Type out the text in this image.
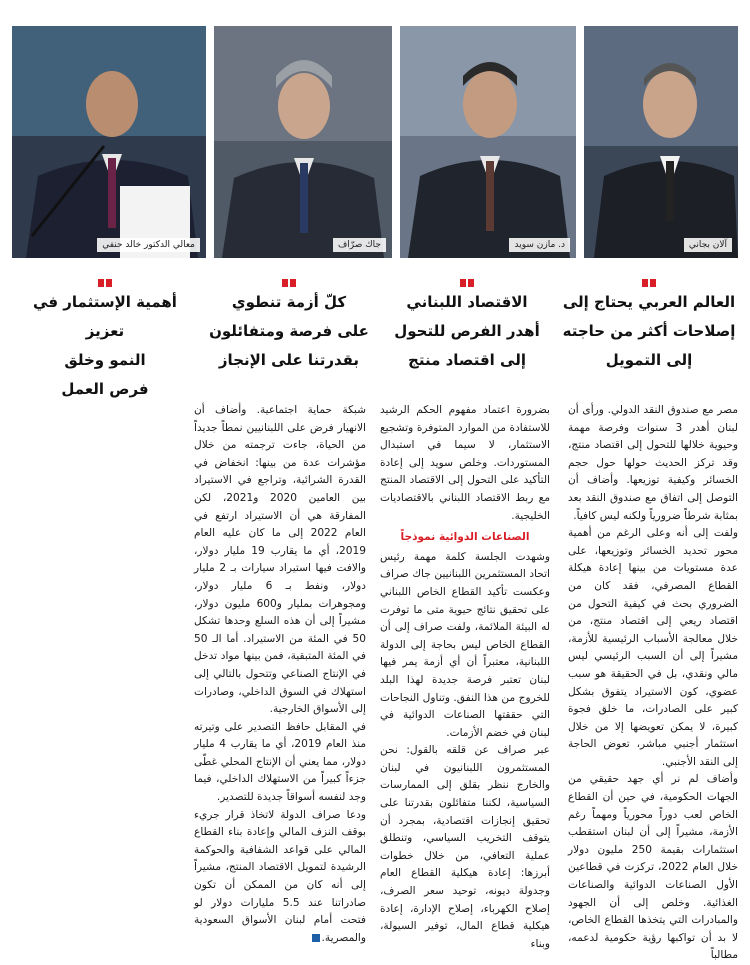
آلان بجاني
د. مازن سويد
جاك صرّاف
معالي الدكتور خالد حنفي
العالم العربي يحتاج إلى
إصلاحات أكثر من حاجته
إلى التمويل
الاقتصاد اللبناني
أهدر الفرص للتحول
إلى اقتصاد منتج
كلّ أزمة تنطوي
على فرصة ومتفائلون
بقدرتنا على الإنجاز
أهمية الإستثمار في تعزيز
النمو وخلق
فرص العمل

مصر مع صندوق النقد الدولي. ورأى أن لبنان أهدر 3 سنوات وفرصة مهمة وحيوية خلالها للتحول إلى اقتصاد منتج، وقد تركز الحديث حولها حول حجم الخسائر وكيفية توزيعها. وأضاف أن التوصل إلى اتفاق مع صندوق النقد بعد بمثابة شرطاً ضرورياً ولكنه ليس كافياً.

ولفت إلى أنه وعلى الرغم من أهمية محور تحديد الخسائر وتوزيعها، على عدة مستويات من بينها إعادة هيكلة القطاع المصرفي، فقد كان من الضروري بحث في كيفية التحول من اقتصاد ريعي إلى اقتصاد منتج، من خلال معالجة الأسباب الرئيسية للأزمة، مشيراً إلى أن السبب الرئيسي ليس مالي ونقدي، بل في الحقيقة هو سبب عضوي، كون الاستيراد يتفوق بشكل كبير على الصادرات، ما خلق فجوة كبيرة، لا يمكن تعويضها إلا من خلال استثمار أجنبي مباشر، تعوض الحاجة إلى النقد الأجنبي.

وأضاف لم نر أي جهد حقيقي من الجهات الحكومية، في حين أن القطاع الخاص لعب دوراً محورياً ومهماً رغم الأزمة، مشيراً إلى أن لبنان استقطب استثمارات بقيمة 250 مليون دولار خلال العام 2022، تركزت في قطاعين الأول الصناعات الدوائية والصناعات الغذائية. وخلص إلى أن الجهود والمبادرات التي يتخذها القطاع الخاص، لا بد أن تواكبها رؤية حكومية لدعمه، مطالباً

بضرورة اعتماد مفهوم الحكم الرشيد للاستفادة من الموارد المتوفرة وتشجيع الاستثمار، لا سيما في استبدال المستوردات. وخلص سويد إلى إعادة التأكيد على التحول إلى الاقتصاد المنتج مع ربط الاقتصاد اللبناني بالاقتصاديات الخليجية.

الصناعات الدوائية نموذجاً

وشهدت الجلسة كلمة مهمة رئيس اتحاد المستثمرين اللبنانيين جاك صراف وعكست تأكيد القطاع الخاص اللبناني على تحقيق نتائج حيوية متى ما توفرت له البيئة الملائمة، ولفت صراف إلى أن القطاع الخاص ليس بحاجة إلى الدولة اللبنانية، معتبراً أن أي أزمة يمر فيها لبنان تعتبر فرصة جديدة لهذا البلد للخروج من هذا النفق. وتناول النجاحات التي حققتها الصناعات الدوائية في لبنان في خضم الأزمات.

عبر صراف عن قلقه بالقول: نحن المستثمرون اللبنانيون في لبنان والخارج ننظر بقلق إلى الممارسات السياسية، لكننا متفائلون بقدرتنا على تحقيق إنجازات اقتصادية، بمجرد أن يتوقف التخريب السياسي، وتنطلق عملية التعافي، من خلال خطوات أبرزها: إعادة هيكلية القطاع العام وجدولة ديونه، توحيد سعر الصرف، إصلاح الكهرباء، إصلاح الإدارة، إعادة هيكلية قطاع المال، توفير السيولة، وبناء

شبكة حماية اجتماعية. وأضاف أن الانهيار فرض على اللبنانيين نمطاً جديداً من الحياة، جاءت ترجمته من خلال مؤشرات عدة من بينها: انخفاض في القدرة الشرائية، وتراجع في الاستيراد بين العامين 2020 و2021، لكن المفارقة هي أن الاستيراد ارتفع في العام 2022 إلى ما كان عليه العام 2019، أي ما يقارب 19 مليار دولار، والافت فيها استيراد سيارات بـ 2 مليار دولار، ونفط بـ 6 مليار دولار، ومجوهرات بمليار و600 مليون دولار، مشيراً إلى أن هذه السلع وحدها تشكل 50 في المئة من الاستيراد. أما الـ 50 في المئة المتبقية، فمن بينها مواد تدخل في الإنتاج الصناعي وتتحول بالتالي إلى استهلاك في السوق الداخلي، وصادرات إلى الأسواق الخارجية.

في المقابل حافظ التصدير على وتيرته منذ العام 2019، أي ما يقارب 4 مليار دولار، مما يعني أن الإنتاج المحلي غطّى جزءاً كبيراً من الاستهلاك الداخلي، فيما وجد لنفسه أسواقاً جديدة للتصدير.

ودعا صراف الدولة لاتخاذ قرار جريء بوقف النزف المالي وإعادة بناء القطاع المالي على قواعد الشفافية والحوكمة الرشيدة لتمويل الاقتصاد المنتج، مشيراً إلى أنه كان من الممكن أن تكون صادراتنا عند 5.5 مليارات دولار لو فتحت أمام لبنان الأسواق السعودية والمصرية.
